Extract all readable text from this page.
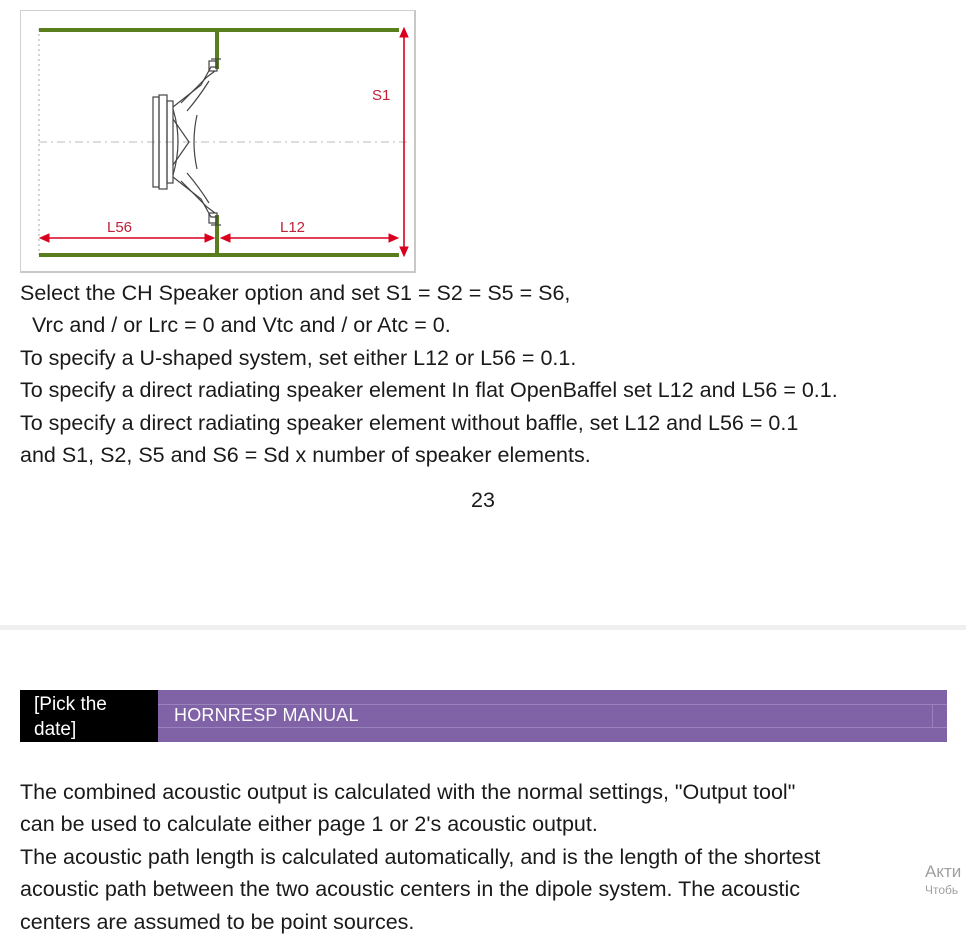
S1
L56	L12

Select the CH Speaker option and set S1 = S2 = S5 = S6,

Vrc and / or Lrc = 0 and Vtc and / or Atc = 0.

To specify a U-shaped system, set either L12 or L56 = 0.1.

To specify a direct radiating speaker element In flat OpenBaffel set L12 and L56 = 0.1.

To specify a direct radiating speaker element without baffle, set L12 and L56 = 0.1

and S1, S2, S5 and S6 = Sd x number of speaker elements.

23
[Pick the
date]
HORNRESP MANUAL

The combined acoustic output is calculated with the normal settings, "Output tool"

can be used to calculate either page 1 or 2's acoustic output.

The acoustic path length is calculated automatically, and is the length of the shortest

acoustic path between the two acoustic centers in the dipole system. The acoustic

centers are assumed to be point sources.

Акти
Чтобь
